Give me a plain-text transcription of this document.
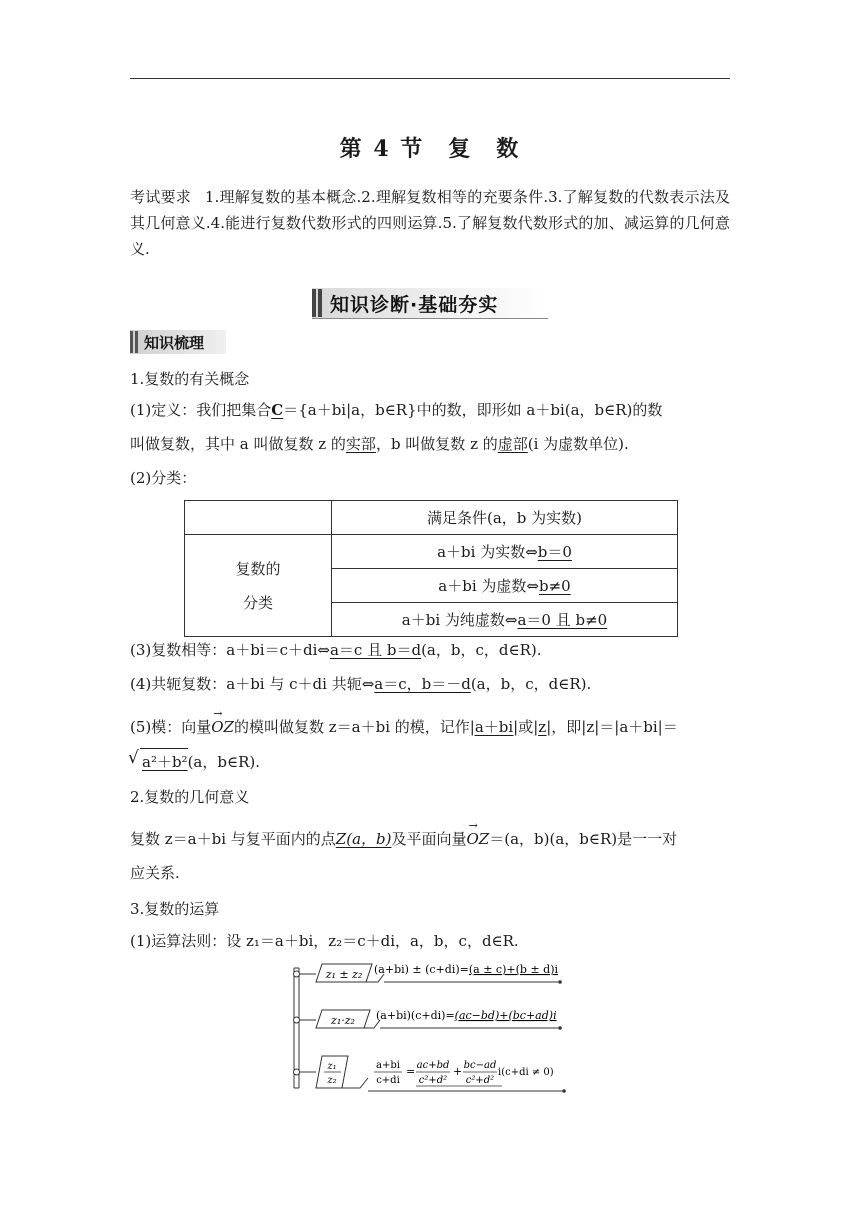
第 4 节　复　数
考试要求 1.理解复数的基本概念.2.理解复数相等的充要条件.3.了解复数的代数表示法及其几何意义.4.能进行复数代数形式的四则运算.5.了解复数代数形式的加、减运算的几何意义.
知识诊断·基础夯实
知识梳理
1.复数的有关概念
(1)定义：我们把集合C＝{a＋bi|a，b∈R}中的数，即形如 a＋bi(a，b∈R)的数
叫做复数，其中 a 叫做复数 z 的实部，b 叫做复数 z 的虚部(i 为虚数单位).
(2)分类：
	满足条件(a，b 为实数)

复数的
分类	a＋bi 为实数⇔b＝0
	a＋bi 为虚数⇔b≠0
	a＋bi 为纯虚数⇔a＝0 且 b≠0
(3)复数相等：a＋bi＝c＋di⇔a＝c 且 b＝d(a，b，c，d∈R).
(4)共轭复数：a＋bi 与 c＋di 共轭⇔a＝c，b＝－d(a，b，c，d∈R).
(5)模：向量OZ →的模叫做复数 z＝a＋bi 的模，记作|a＋bi|或|z|，即|z|＝|a＋bi|＝
√ a²＋b²(a，b∈R).
2.复数的几何意义
复数 z＝a＋bi 与复平面内的点Z(a，b)及平面向量OZ →＝(a，b)(a，b∈R)是一一对
应关系.
3.复数的运算
(1)运算法则：设 z₁＝a＋bi，z₂＝c＋di，a，b，c，d∈R.
z₁ ± z₂ (a+bi) ± (c+di)=(a ± c)+(b ± d)i
z₁·z₂ (a+bi)(c+di)=(ac−bd)+(bc+ad)i
z₁
z₂
a+bi
c+di
= ac+bd
c²+d²
+ bc−ad
c²+d²
i(c+di ≠ 0)
